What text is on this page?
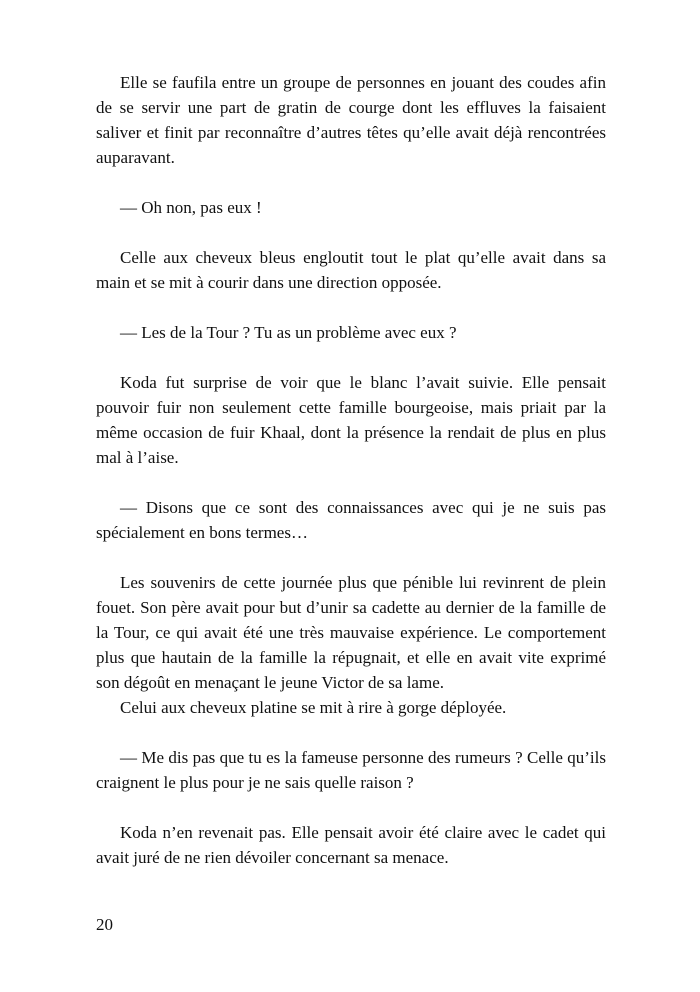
Elle se faufila entre un groupe de personnes en jouant des coudes afin de se servir une part de gratin de courge dont les effluves la faisaient saliver et finit par reconnaître d’autres têtes qu’elle avait déjà rencontrées auparavant.

— Oh non, pas eux !

Celle aux cheveux bleus engloutit tout le plat qu’elle avait dans sa main et se mit à courir dans une direction opposée.

— Les de la Tour ? Tu as un problème avec eux ?

Koda fut surprise de voir que le blanc l’avait suivie. Elle pensait pouvoir fuir non seulement cette famille bourgeoise, mais priait par la même occasion de fuir Khaal, dont la présence la rendait de plus en plus mal à l’aise.

— Disons que ce sont des connaissances avec qui je ne suis pas spécialement en bons termes…

Les souvenirs de cette journée plus que pénible lui revinrent de plein fouet. Son père avait pour but d’unir sa cadette au dernier de la famille de la Tour, ce qui avait été une très mauvaise expérience. Le comportement plus que hautain de la famille la répugnait, et elle en avait vite exprimé son dégoût en menaçant le jeune Victor de sa lame.

Celui aux cheveux platine se mit à rire à gorge déployée.

— Me dis pas que tu es la fameuse personne des rumeurs ? Celle qu’ils craignent le plus pour je ne sais quelle raison ?

Koda n’en revenait pas. Elle pensait avoir été claire avec le cadet qui avait juré de ne rien dévoiler concernant sa menace.

20
